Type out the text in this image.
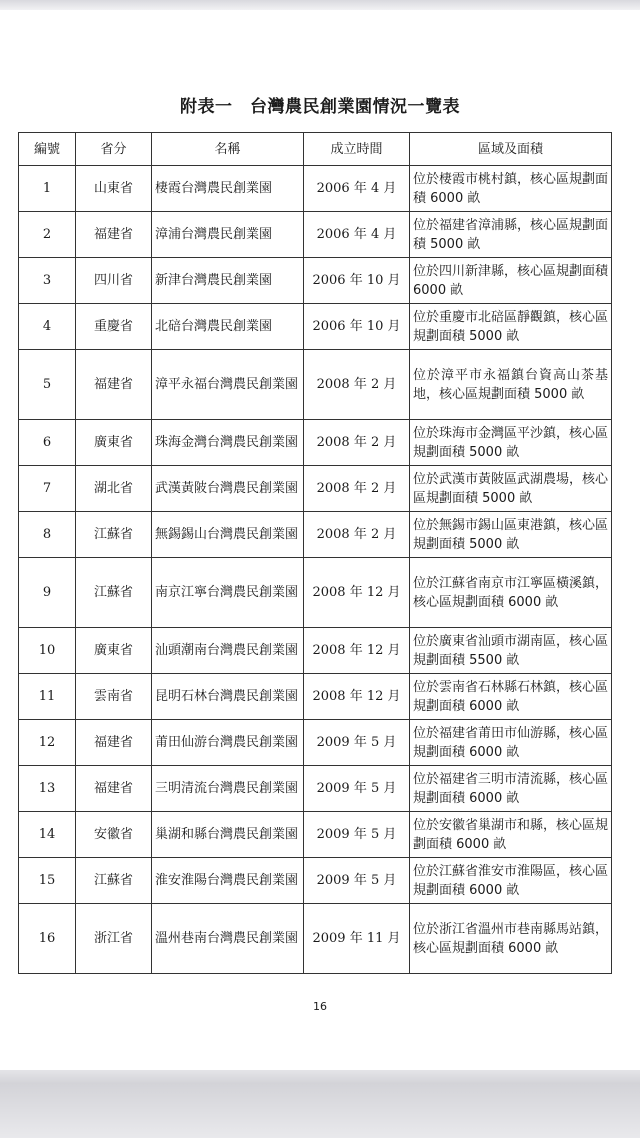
附表一　台灣農民創業園情況一覽表
編號	省分	名稱	成立時間	區域及面積
1	山東省	棲霞台灣農民創業園	2006 年 4 月	位於棲霞市桃村鎮，核心區規劃面積 6000 畝
2	福建省	漳浦台灣農民創業園	2006 年 4 月	位於福建省漳浦縣，核心區規劃面積 5000 畝
3	四川省	新津台灣農民創業園	2006 年 10 月	位於四川新津縣，核心區規劃面積 6000 畝
4	重慶省	北碚台灣農民創業園	2006 年 10 月	位於重慶市北碚區靜觀鎮，核心區規劃面積 5000 畝
5	福建省	漳平永福台灣農民創業園	2008 年 2 月	位於漳平市永福鎮台資高山茶基地，核心區規劃面積 5000 畝
6	廣東省	珠海金灣台灣農民創業園	2008 年 2 月	位於珠海市金灣區平沙鎮，核心區規劃面積 5000 畝
7	湖北省	武漢黃陂台灣農民創業園	2008 年 2 月	位於武漢市黃陂區武湖農場，核心區規劃面積 5000 畝
8	江蘇省	無錫錫山台灣農民創業園	2008 年 2 月	位於無錫市錫山區東港鎮，核心區規劃面積 5000 畝
9	江蘇省	南京江寧台灣農民創業園	2008 年 12 月	位於江蘇省南京市江寧區橫溪鎮，核心區規劃面積 6000 畝
10	廣東省	汕頭潮南台灣農民創業園	2008 年 12 月	位於廣東省汕頭市湖南區，核心區規劃面積 5500 畝
11	雲南省	昆明石林台灣農民創業園	2008 年 12 月	位於雲南省石林縣石林鎮，核心區規劃面積 6000 畝
12	福建省	莆田仙游台灣農民創業園	2009 年 5 月	位於福建省莆田市仙游縣，核心區規劃面積 6000 畝
13	福建省	三明清流台灣農民創業園	2009 年 5 月	位於福建省三明市清流縣，核心區規劃面積 6000 畝
14	安徽省	巢湖和縣台灣農民創業園	2009 年 5 月	位於安徽省巢湖市和縣，核心區規劃面積 6000 畝
15	江蘇省	淮安淮陽台灣農民創業園	2009 年 5 月	位於江蘇省淮安市淮陽區，核心區規劃面積 6000 畝
16	浙江省	溫州巷南台灣農民創業園	2009 年 11 月	位於浙江省溫州市巷南縣馬站鎮，核心區規劃面積 6000 畝
16
